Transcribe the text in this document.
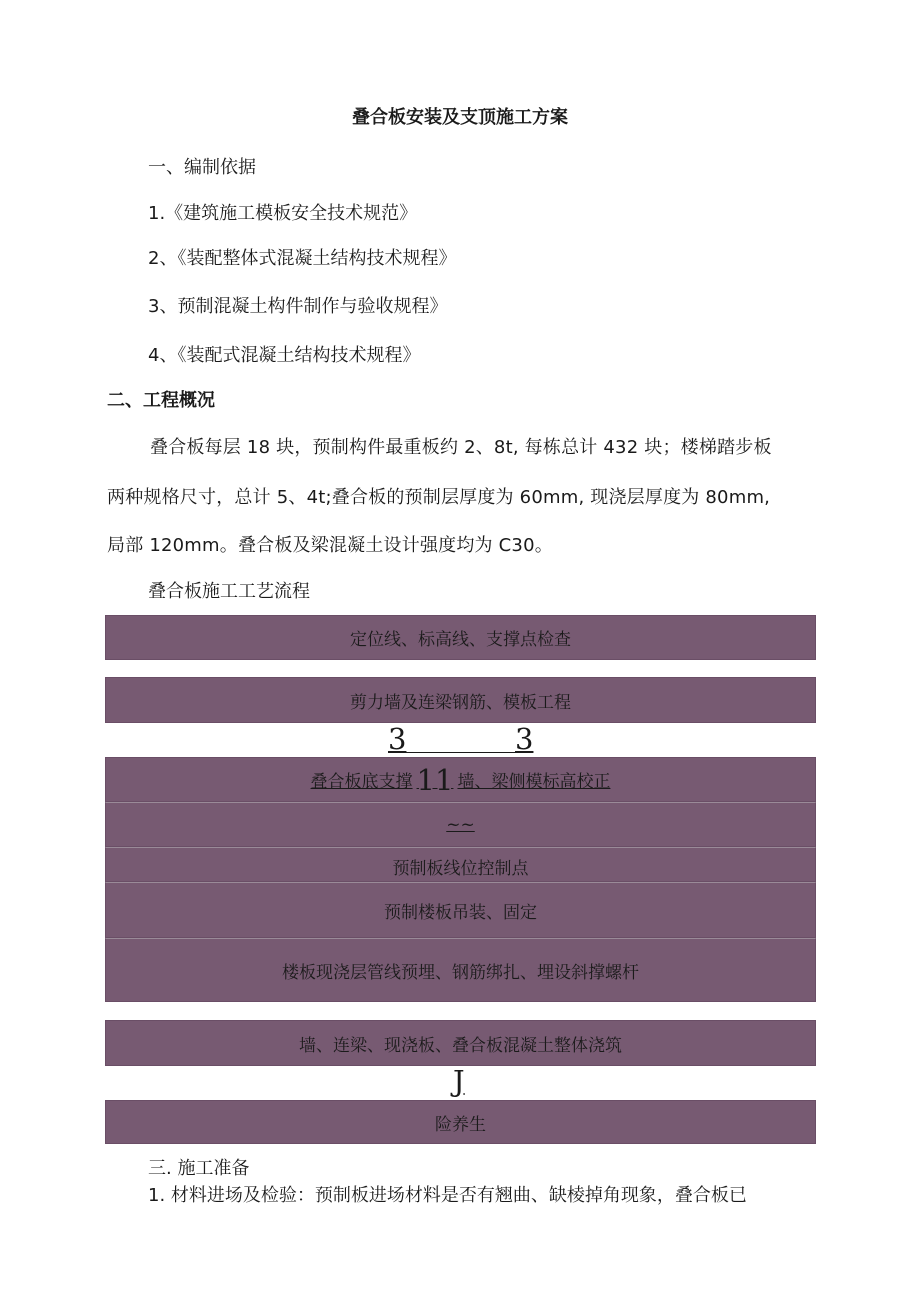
叠合板安装及支顶施工方案
一、编制依据
1.《建筑施工模板安全技术规范》
2、《装配整体式混凝土结构技术规程》
3、预制混凝土构件制作与验收规程》
4、《装配式混凝土结构技术规程》
二、工程概况
叠合板每层 18 块，预制构件最重板约 2、8t, 每栋总计 432 块；楼梯踏步板
两种规格尺寸，总计 5、4t;叠合板的预制层厚度为 60mm, 现浇层厚度为 80mm,
局部 120mm。叠合板及梁混凝土设计强度均为 C30。
叠合板施工工艺流程
定位线、标高线、支撑点检查
剪力墙及连梁钢筋、模板工程
3	3
叠合板底支撑 11 墙、梁侧模标高校正
~~
预制板线位控制点
预制楼板吊装、固定
楼板现浇层管线预埋、钢筋绑扎、埋设斜撑螺杆
墙、连梁、现浇板、叠合板混凝土整体浇筑
J
险养生
三. 施工准备
1. 材料进场及检验：预制板进场材料是否有翘曲、缺棱掉角现象，叠合板已
